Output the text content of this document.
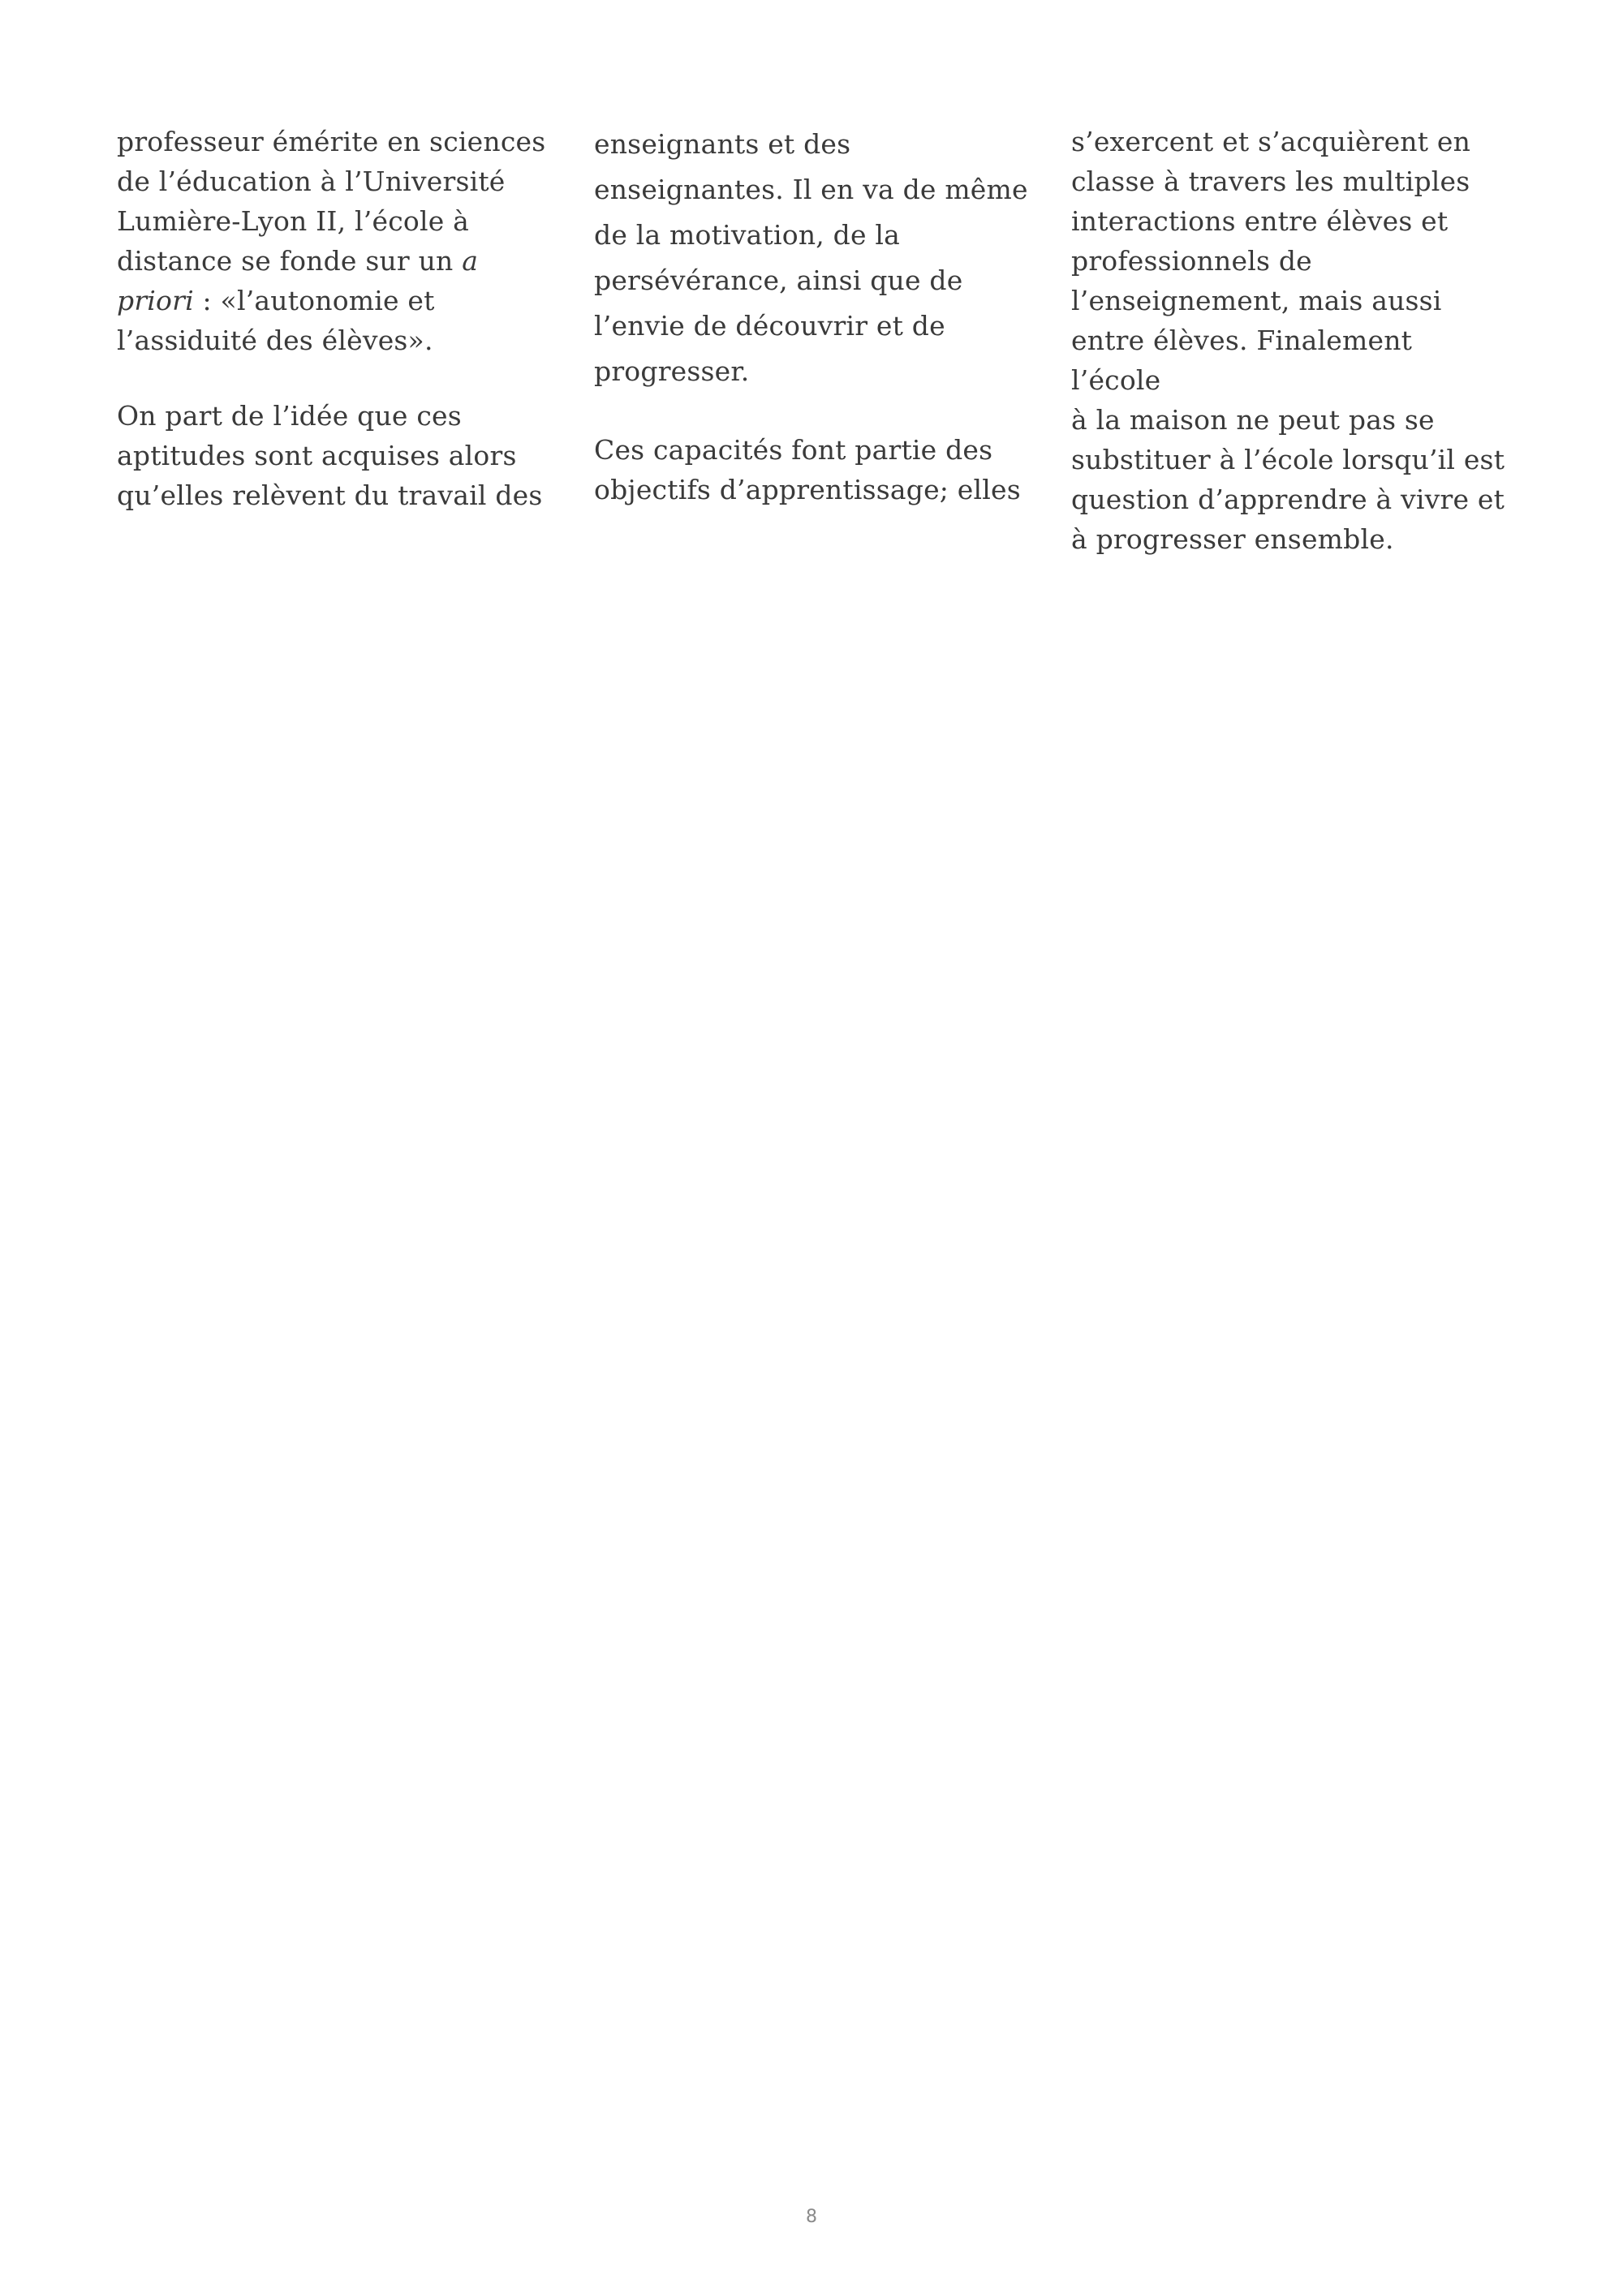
professeur émérite en sciences
de l’éducation à l’Université
Lumière-Lyon II, l’école à
distance se fonde sur un a
priori : «l’autonomie et
l’assiduité des élèves».

On part de l’idée que ces
aptitudes sont acquises alors
qu’elles relèvent du travail des

enseignants et des
enseignantes. Il en va de même
de la motivation, de la
persévérance, ainsi que de
l’envie de découvrir et de
progresser.

Ces capacités font partie des
objectifs d’apprentissage; elles

s’exercent et s’acquièrent en
classe à travers les multiples
interactions entre élèves et
professionnels de
l’enseignement, mais aussi
entre élèves. Finalement l’école
à la maison ne peut pas se
substituer à l’école lorsqu’il est
question d’apprendre à vivre et
à progresser ensemble.

8
